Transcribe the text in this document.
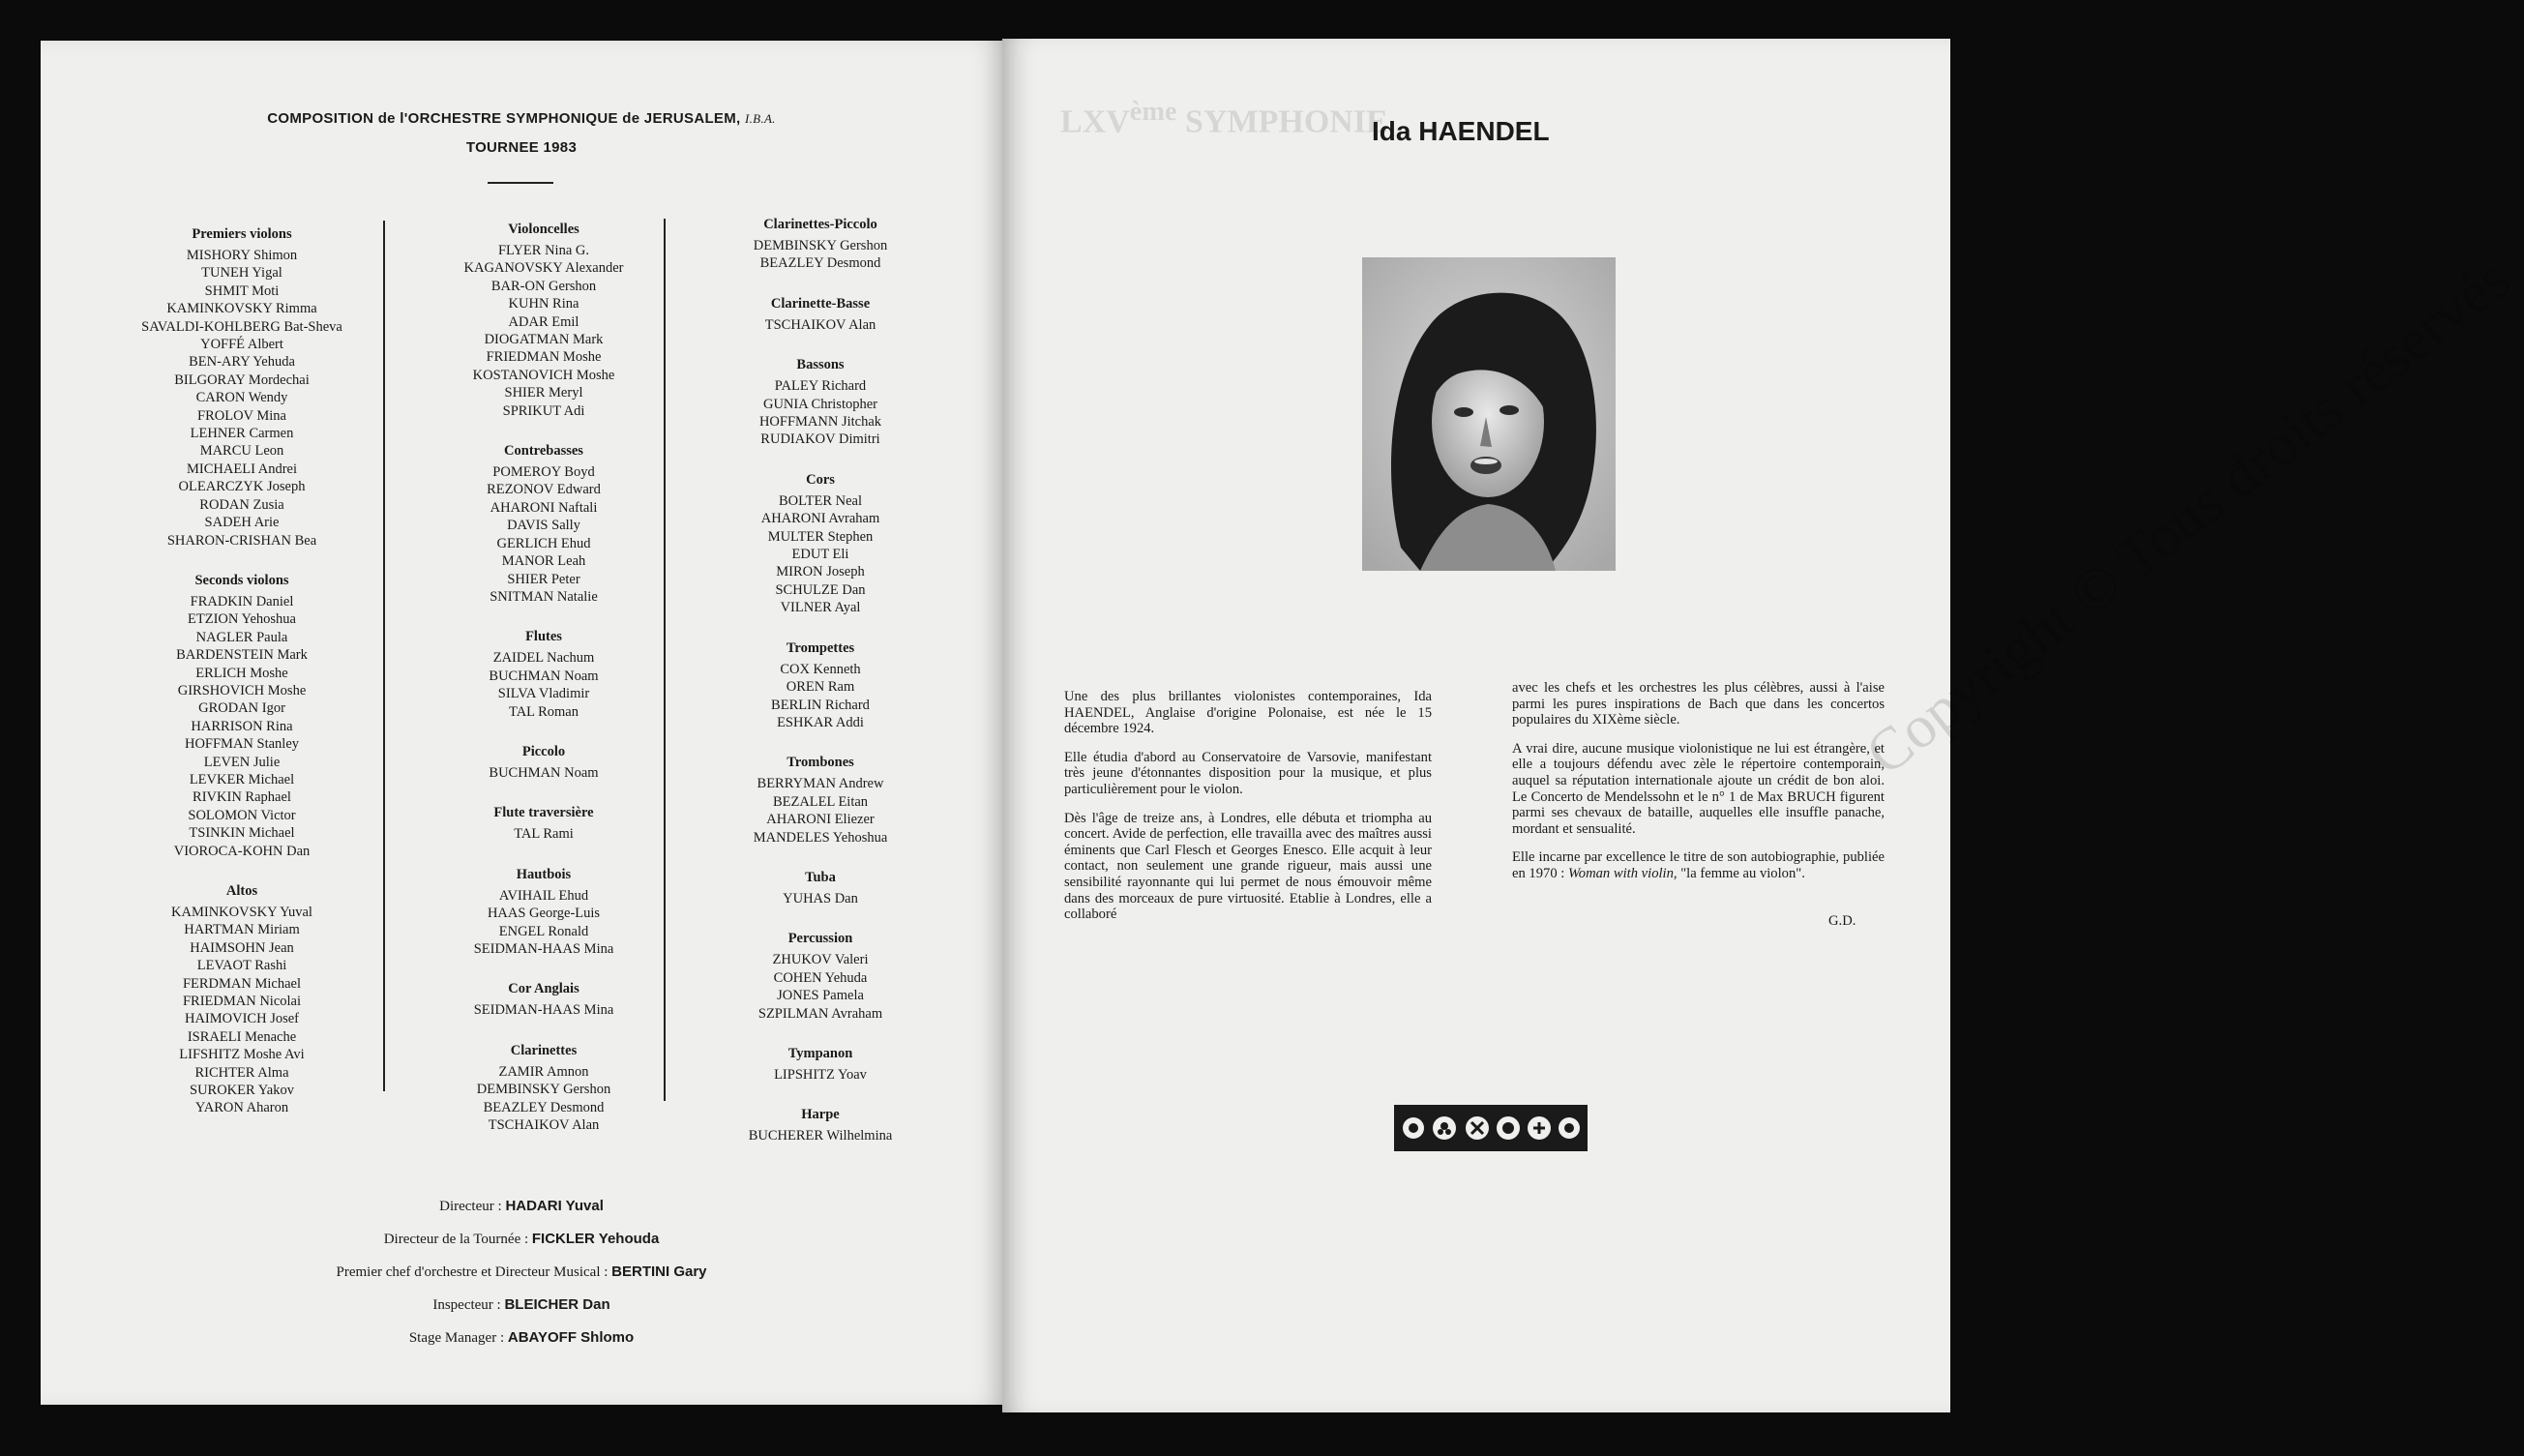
COMPOSITION de l'ORCHESTRE SYMPHONIQUE de JERUSALEM, I.B.A.
TOURNEE 1983
Premiers violons
MISHORY Shimon
TUNEH Yigal
SHMIT Moti
KAMINKOVSKY Rimma
SAVALDI-KOHLBERG Bat-Sheva
YOFFÉ Albert
BEN-ARY Yehuda
BILGORAY Mordechai
CARON Wendy
FROLOV Mina
LEHNER Carmen
MARCU Leon
MICHAELI Andrei
OLEARCZYK Joseph
RODAN Zusia
SADEH Arie
SHARON-CRISHAN Bea
Seconds violons
FRADKIN Daniel
ETZION Yehoshua
NAGLER Paula
BARDENSTEIN Mark
ERLICH Moshe
GIRSHOVICH Moshe
GRODAN Igor
HARRISON Rina
HOFFMAN Stanley
LEVEN Julie
LEVKER Michael
RIVKIN Raphael
SOLOMON Victor
TSINKIN Michael
VIOROCA-KOHN Dan
Altos
KAMINKOVSKY Yuval
HARTMAN Miriam
HAIMSOHN Jean
LEVAOT Rashi
FERDMAN Michael
FRIEDMAN Nicolai
HAIMOVICH Josef
ISRAELI Menache
LIFSHITZ Moshe Avi
RICHTER Alma
SUROKER Yakov
YARON Aharon
Violoncelles
FLYER Nina G.
KAGANOVSKY Alexander
BAR-ON Gershon
KUHN Rina
ADAR Emil
DIOGATMAN Mark
FRIEDMAN Moshe
KOSTANOVICH Moshe
SHIER Meryl
SPRIKUT Adi
Contrebasses
POMEROY Boyd
REZONOV Edward
AHARONI Naftali
DAVIS Sally
GERLICH Ehud
MANOR Leah
SHIER Peter
SNITMAN Natalie
Flutes
ZAIDEL Nachum
BUCHMAN Noam
SILVA Vladimir
TAL Roman
Piccolo
BUCHMAN Noam
Flute traversière
TAL Rami
Hautbois
AVIHAIL Ehud
HAAS George-Luis
ENGEL Ronald
SEIDMAN-HAAS Mina
Cor Anglais
SEIDMAN-HAAS Mina
Clarinettes
ZAMIR Amnon
DEMBINSKY Gershon
BEAZLEY Desmond
TSCHAIKOV Alan
Clarinettes-Piccolo
DEMBINSKY Gershon
BEAZLEY Desmond
Clarinette-Basse
TSCHAIKOV Alan
Bassons
PALEY Richard
GUNIA Christopher
HOFFMANN Jitchak
RUDIAKOV Dimitri
Cors
BOLTER Neal
AHARONI Avraham
MULTER Stephen
EDUT Eli
MIRON Joseph
SCHULZE Dan
VILNER Ayal
Trompettes
COX Kenneth
OREN Ram
BERLIN Richard
ESHKAR Addi
Trombones
BERRYMAN Andrew
BEZALEL Eitan
AHARONI Eliezer
MANDELES Yehoshua
Tuba
YUHAS Dan
Percussion
ZHUKOV Valeri
COHEN Yehuda
JONES Pamela
SZPILMAN Avraham
Tympanon
LIPSHITZ Yoav
Harpe
BUCHERER Wilhelmina
Directeur : HADARI Yuval
Directeur de la Tournée : FICKLER Yehouda
Premier chef d'orchestre et Directeur Musical : BERTINI Gary
Inspecteur : BLEICHER Dan
Stage Manager : ABAYOFF Shlomo
LXVème SYMPHONIE
Ida HAENDEL

Une des plus brillantes violonistes contemporaines, Ida HAENDEL, Anglaise d'origine Polonaise, est née le 15 décembre 1924.

Elle étudia d'abord au Conservatoire de Varsovie, manifestant très jeune d'étonnantes disposition pour la musique, et plus particulièrement pour le violon.

Dès l'âge de treize ans, à Londres, elle débuta et triompha au concert. Avide de perfection, elle travailla avec des maîtres aussi éminents que Carl Flesch et Georges Enesco. Elle acquit à leur contact, non seulement une grande rigueur, mais aussi une sensibilité rayonnante qui lui permet de nous émouvoir même dans des morceaux de pure virtuosité. Etablie à Londres, elle a collaboré

avec les chefs et les orchestres les plus célèbres, aussi à l'aise parmi les pures inspirations de Bach que dans les concertos populaires du XIXème siècle.

A vrai dire, aucune musique violonistique ne lui est étrangère, et elle a toujours défendu avec zèle le répertoire contemporain, auquel sa réputation internationale ajoute un crédit de bon aloi. Le Concerto de Mendelssohn et le n° 1 de Max BRUCH figurent parmi ses chevaux de bataille, auquelles elle insuffle panache, mordant et sensualité.

Elle incarne par excellence le titre de son autobiographie, publiée en 1970 : Woman with violin, "la femme au violon".

G.D.
Copyright © Tous droits réservés
